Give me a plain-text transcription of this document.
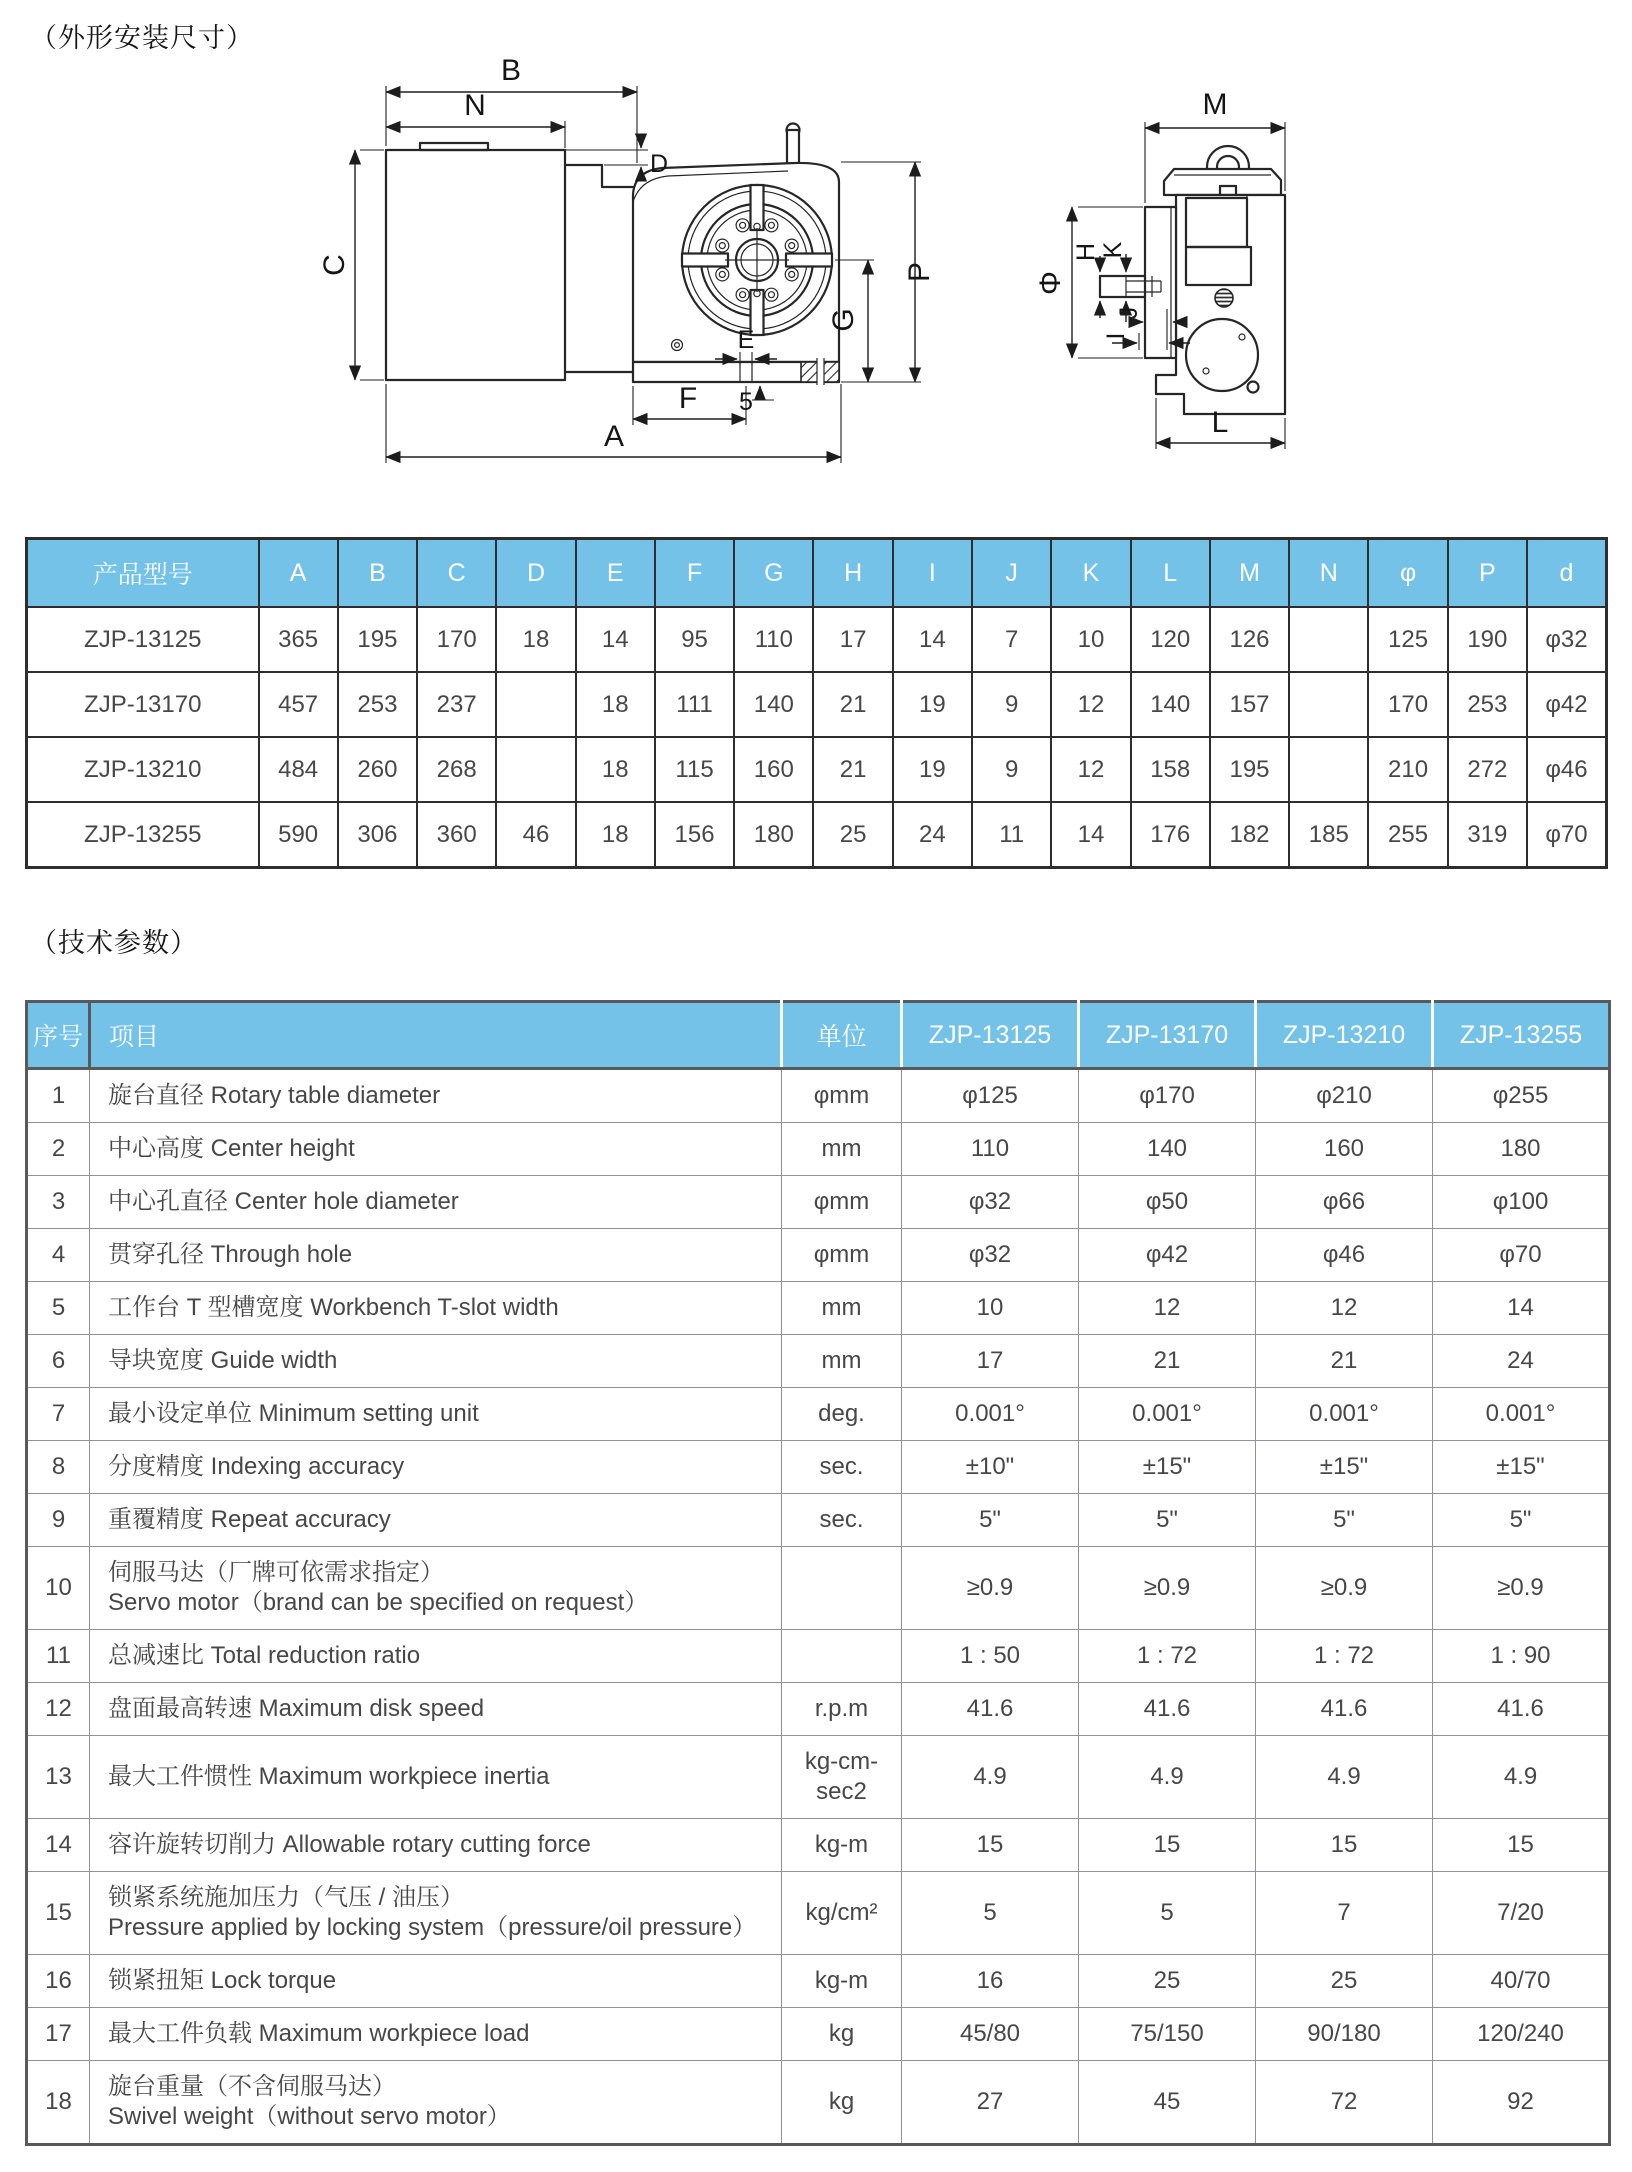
（外形安装尺寸）
B
N
D
C
A
F 5
E
G
P
M
L
Φ
H K
J
I
产品型号	A	B	C	D	E	F	G	H	I	J	K	L	M	N	φ	P	d
ZJP-13125	365	195	170	18	14	95	110	17	14	7	10	120	126		125	190	φ32
ZJP-13170	457	253	237		18	111	140	21	19	9	12	140	157		170	253	φ42
ZJP-13210	484	260	268		18	115	160	21	19	9	12	158	195		210	272	φ46
ZJP-13255	590	306	360	46	18	156	180	25	24	11	14	176	182	185	255	319	φ70
（技术参数）
序号	项目	单位	ZJP-13125	ZJP-13170	ZJP-13210	ZJP-13255
1	旋台直径 Rotary table diameter	φmm	φ125	φ170	φ210	φ255
2	中心高度 Center height	mm	110	140	160	180
3	中心孔直径 Center hole diameter	φmm	φ32	φ50	φ66	φ100
4	贯穿孔径 Through hole	φmm	φ32	φ42	φ46	φ70
5	工作台 T 型槽宽度 Workbench T-slot width	mm	10	12	12	14
6	导块宽度 Guide width	mm	17	21	21	24
7	最小设定单位 Minimum setting unit	deg.	0.001°	0.001°	0.001°	0.001°
8	分度精度 Indexing accuracy	sec.	±10"	±15"	±15"	±15"
9	重覆精度 Repeat accuracy	sec.	5"	5"	5"	5"
10	伺服马达（厂牌可依需求指定）
Servo motor（brand can be specified on request）		≥0.9	≥0.9	≥0.9	≥0.9
11	总减速比 Total reduction ratio		1 : 50	1 : 72	1 : 72	1 : 90
12	盘面最高转速 Maximum disk speed	r.p.m	41.6	41.6	41.6	41.6
13	最大工件惯性 Maximum workpiece inertia	kg-cm-sec2	4.9	4.9	4.9	4.9
14	容许旋转切削力 Allowable rotary cutting force	kg-m	15	15	15	15
15	锁紧系统施加压力（气压 / 油压）
Pressure applied by locking system（pressure/oil pressure）	kg/cm²	5	5	7	7/20
16	锁紧扭矩 Lock torque	kg-m	16	25	25	40/70
17	最大工件负载 Maximum workpiece load	kg	45/80	75/150	90/180	120/240
18	旋台重量（不含伺服马达）
Swivel weight（without servo motor）	kg	27	45	72	92
